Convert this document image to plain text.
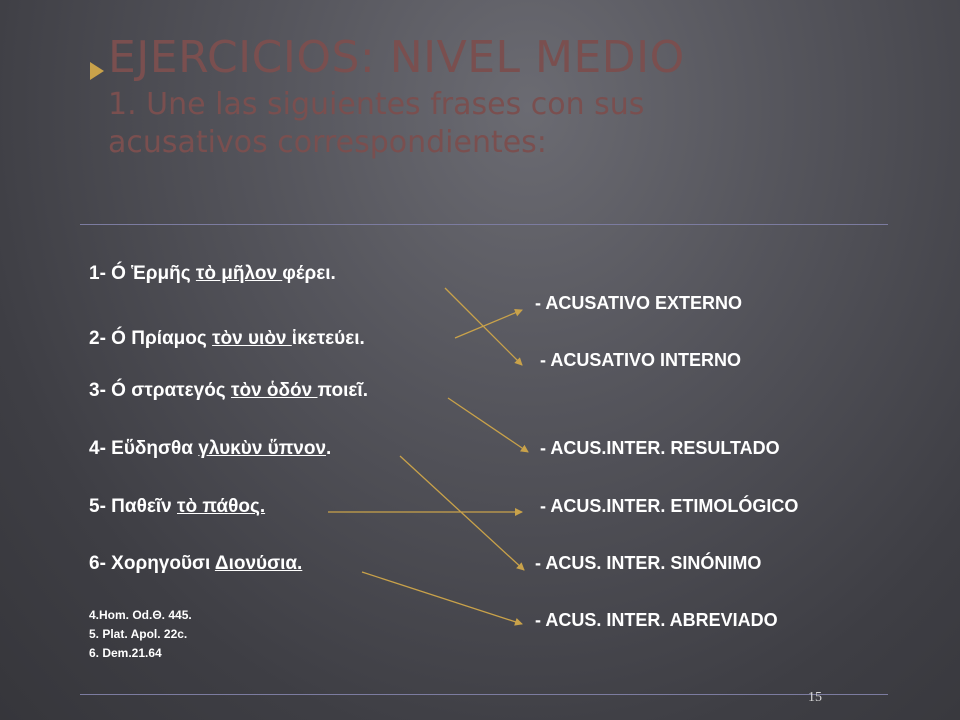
EJERCICIOS: NIVEL MEDIO
1. Une las siguientes frases con sus
acusativos correspondientes:
1- Ó Ἑρμῆς τὸ μῆλον φέρει.
2- Ó Πρίαμος τὸν υιὸν ἱκετεύει.
3- Ó στρατεγός τὸν ὁδόν ποιεῖ.
4- Εὕδησθα γλυκὺν ὕπνον.
5- Παθεῖν τὸ πάθος.
6- Χορηγοῦσι Διονύσια.
- ACUSATIVO EXTERNO
- ACUSATIVO INTERNO
- ACUS.INTER. RESULTADO
- ACUS.INTER. ETIMOLÓGICO
- ACUS. INTER. SINÓNIMO
- ACUS. INTER. ABREVIADO
4.Hom. Od.Θ. 445.
5. Plat. Apol. 22c.
6. Dem.21.64
15
